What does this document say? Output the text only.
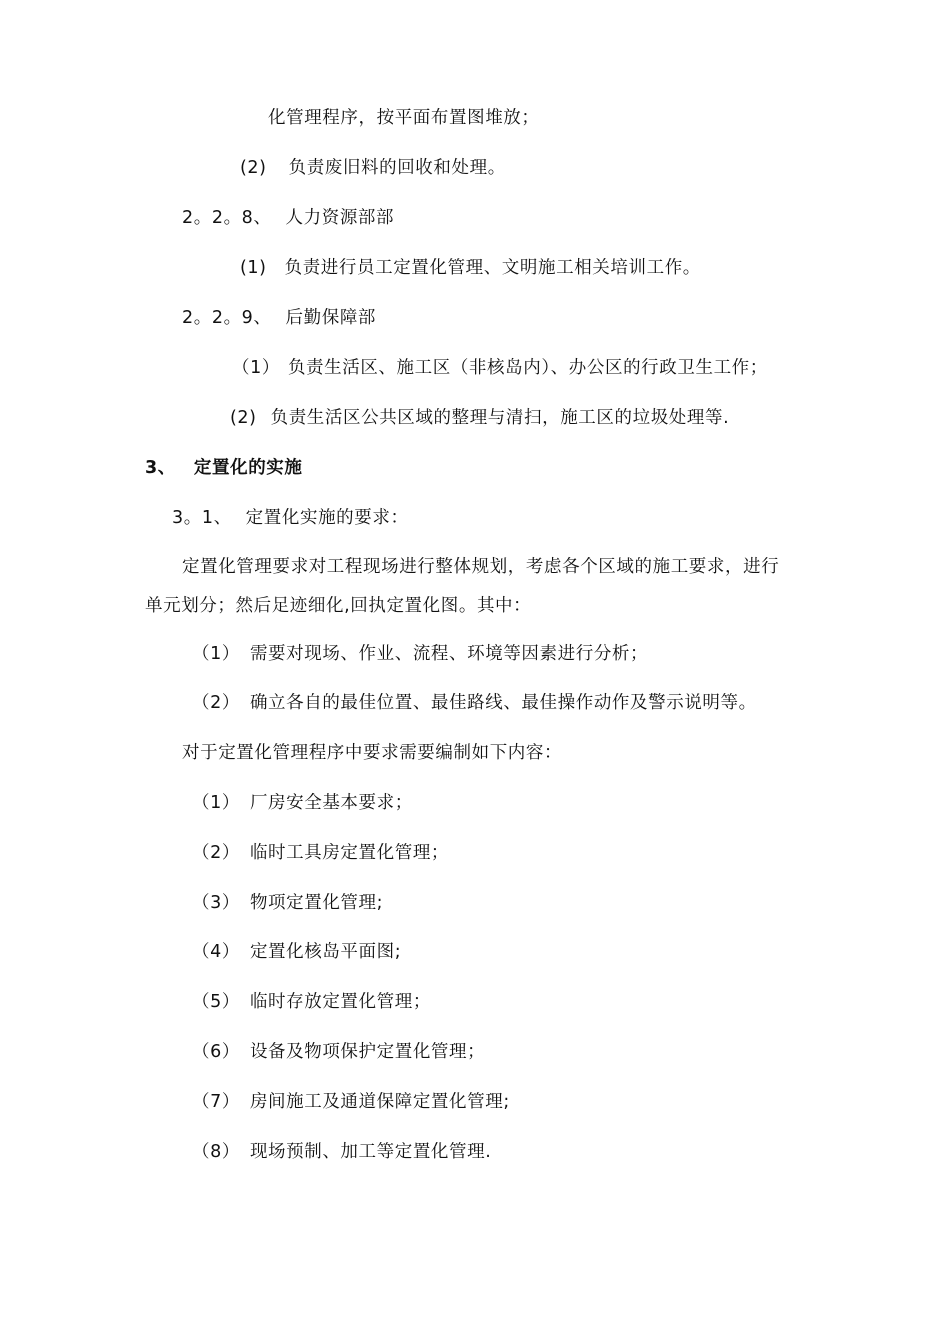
化管理程序，按平面布置图堆放；
(2) 负责废旧料的回收和处理。
2。2。8、 人力资源部部
(1) 负责进行员工定置化管理、文明施工相关培训工作。
2。2。9、 后勤保障部
（1） 负责生活区、施工区（非核岛内）、办公区的行政卫生工作；
(2) 负责生活区公共区域的整理与清扫，施工区的垃圾处理等.
3、 定置化的实施
3。1、 定置化实施的要求：
定置化管理要求对工程现场进行整体规划，考虑各个区域的施工要求，进行
单元划分；然后足迹细化,回执定置化图。其中：
（1） 需要对现场、作业、流程、环境等因素进行分析；
（2） 确立各自的最佳位置、最佳路线、最佳操作动作及警示说明等。
对于定置化管理程序中要求需要编制如下内容：
（1） 厂房安全基本要求；
（2） 临时工具房定置化管理；
（3） 物项定置化管理;
（4） 定置化核岛平面图;
（5） 临时存放定置化管理；
（6） 设备及物项保护定置化管理；
（7） 房间施工及通道保障定置化管理;
（8） 现场预制、加工等定置化管理.
